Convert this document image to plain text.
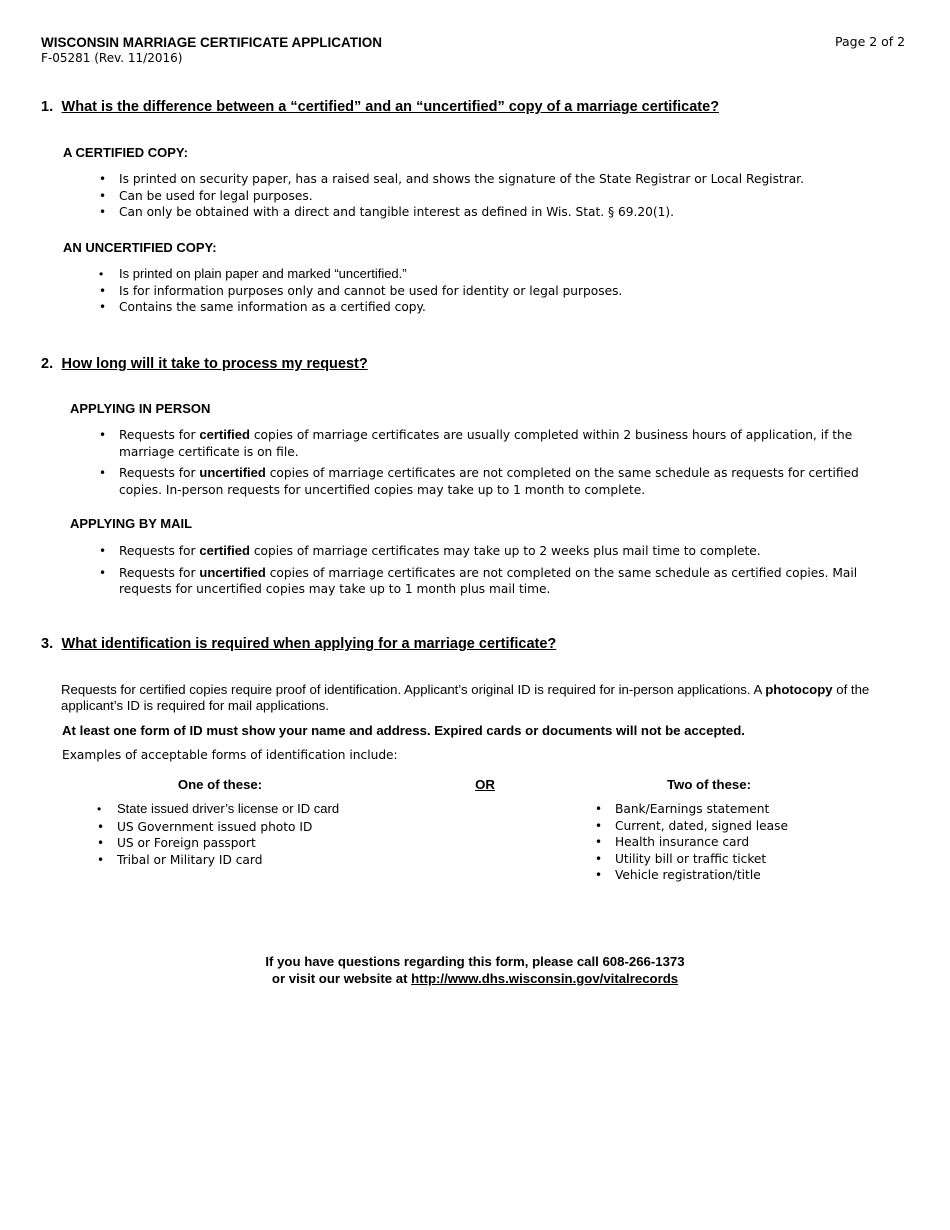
WISCONSIN MARRIAGE CERTIFICATE APPLICATION
F-05281 (Rev. 11/2016)
Page 2 of 2
1. What is the difference between a “certified” and an “uncertified” copy of a marriage certificate?
A CERTIFIED COPY:
• Is printed on security paper, has a raised seal, and shows the signature of the State Registrar or Local Registrar.
• Can be used for legal purposes.
• Can only be obtained with a direct and tangible interest as defined in Wis. Stat. § 69.20(1).
AN UNCERTIFIED COPY:
• Is printed on plain paper and marked “uncertified.”
• Is for information purposes only and cannot be used for identity or legal purposes.
• Contains the same information as a certified copy.
2. How long will it take to process my request?
APPLYING IN PERSON
• Requests for certified copies of marriage certificates are usually completed within 2 business hours of application, if the marriage certificate is on file.
• Requests for uncertified copies of marriage certificates are not completed on the same schedule as requests for certified copies. In-person requests for uncertified copies may take up to 1 month to complete.
APPLYING BY MAIL
• Requests for certified copies of marriage certificates may take up to 2 weeks plus mail time to complete.
• Requests for uncertified copies of marriage certificates are not completed on the same schedule as certified copies. Mail requests for uncertified copies may take up to 1 month plus mail time.
3. What identification is required when applying for a marriage certificate?
Requests for certified copies require proof of identification. Applicant’s original ID is required for in-person applications. A photocopy of the applicant’s ID is required for mail applications.
At least one form of ID must show your name and address. Expired cards or documents will not be accepted.
Examples of acceptable forms of identification include:
One of these:	OR	Two of these:
• State issued driver’s license or ID card
• US Government issued photo ID
• US or Foreign passport
• Tribal or Military ID card
• Bank/Earnings statement
• Current, dated, signed lease
• Health insurance card
• Utility bill or traffic ticket
• Vehicle registration/title
If you have questions regarding this form, please call 608-266-1373
or visit our website at http://www.dhs.wisconsin.gov/vitalrecords
